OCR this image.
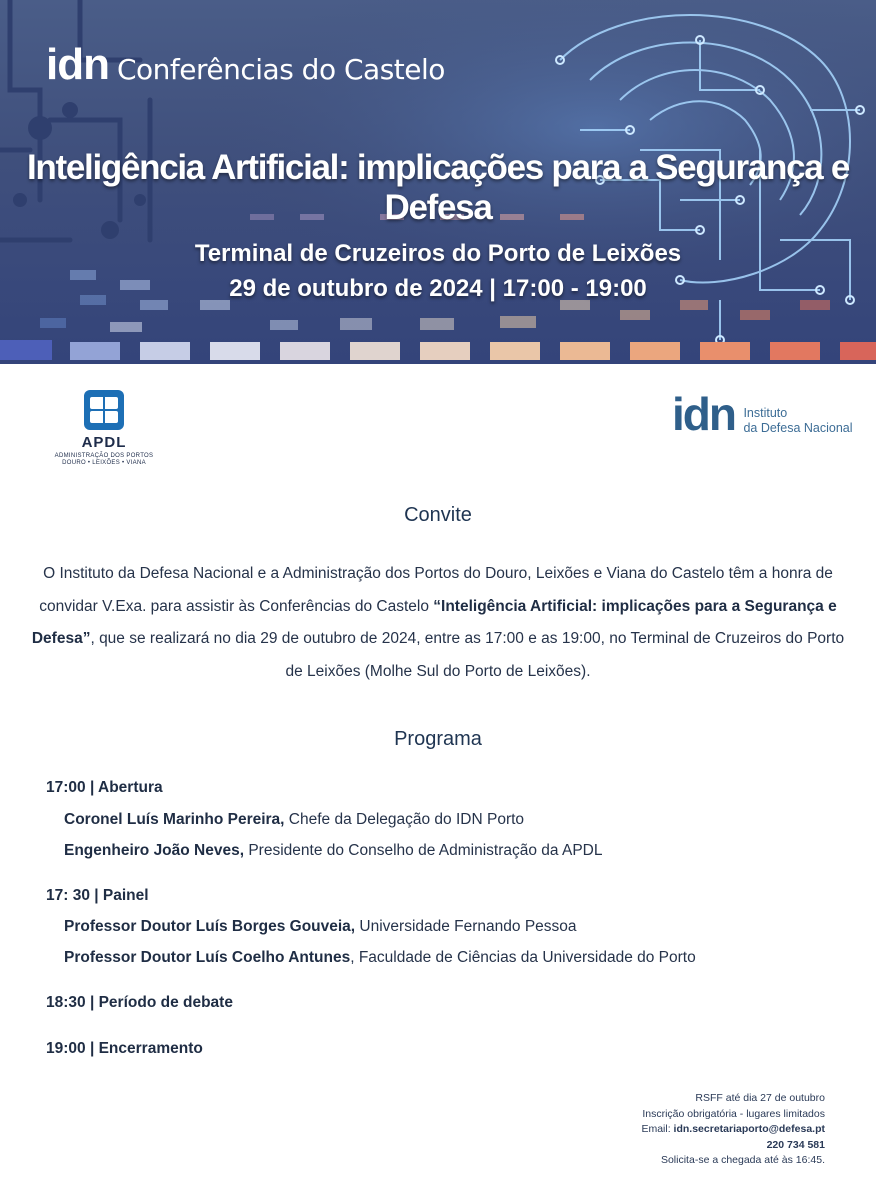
idn Conferências do Castelo
Inteligência Artificial: implicações para a Segurança e Defesa
Terminal de Cruzeiros do Porto de Leixões
29 de outubro de 2024 | 17:00 - 19:00
APDL
ADMINISTRAÇÃO DOS PORTOS
DOURO • LEIXÕES • VIANA
idn Instituto
da Defesa Nacional
Convite
O Instituto da Defesa Nacional e a Administração dos Portos do Douro, Leixões e Viana do Castelo têm a honra de convidar V.Exa. para assistir às Conferências do Castelo “Inteligência Artificial: implicações para a Segurança e Defesa”, que se realizará no dia 29 de outubro de 2024, entre as 17:00 e as 19:00, no Terminal de Cruzeiros do Porto de Leixões (Molhe Sul do Porto de Leixões).
Programa
17:00 | Abertura
Coronel Luís Marinho Pereira, Chefe da Delegação do IDN Porto
Engenheiro João Neves, Presidente do Conselho de Administração da APDL
17: 30 | Painel
Professor Doutor Luís Borges Gouveia, Universidade Fernando Pessoa
Professor Doutor Luís Coelho Antunes, Faculdade de Ciências da Universidade do Porto
18:30 | Período de debate
19:00 | Encerramento
RSFF até dia 27 de outubro
Inscrição obrigatória - lugares limitados
Email: idn.secretariaporto@defesa.pt
220 734 581
Solicita-se a chegada até às 16:45.
